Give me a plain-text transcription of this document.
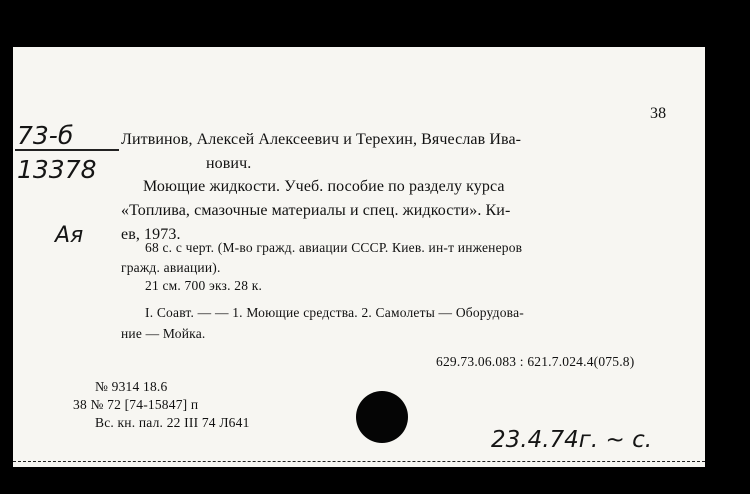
38
73-б
13378
Ая
Литвинов, Алексей Алексеевич и Терехин, Вячеслав Ива-
нович.
Моющие жидкости. Учеб. пособие по разделу курса
«Топлива, смазочные материалы и спец. жидкости». Ки-
ев, 1973.
68 с. с черт. (М-во гражд. авиации СССР. Киев. ин-т инженеров
гражд. авиации).
21 см. 700 экз. 28 к.
I. Соавт. — — 1. Моющие средства. 2. Самолеты — Оборудова-
ние — Мойка.
629.73.06.083 : 621.7.024.4(075.8)
№ 9314 18.6
38 № 72 [74-15847] п
Вс. кн. пал. 22 III 74 Л641
23.4.74г. ~ с.
